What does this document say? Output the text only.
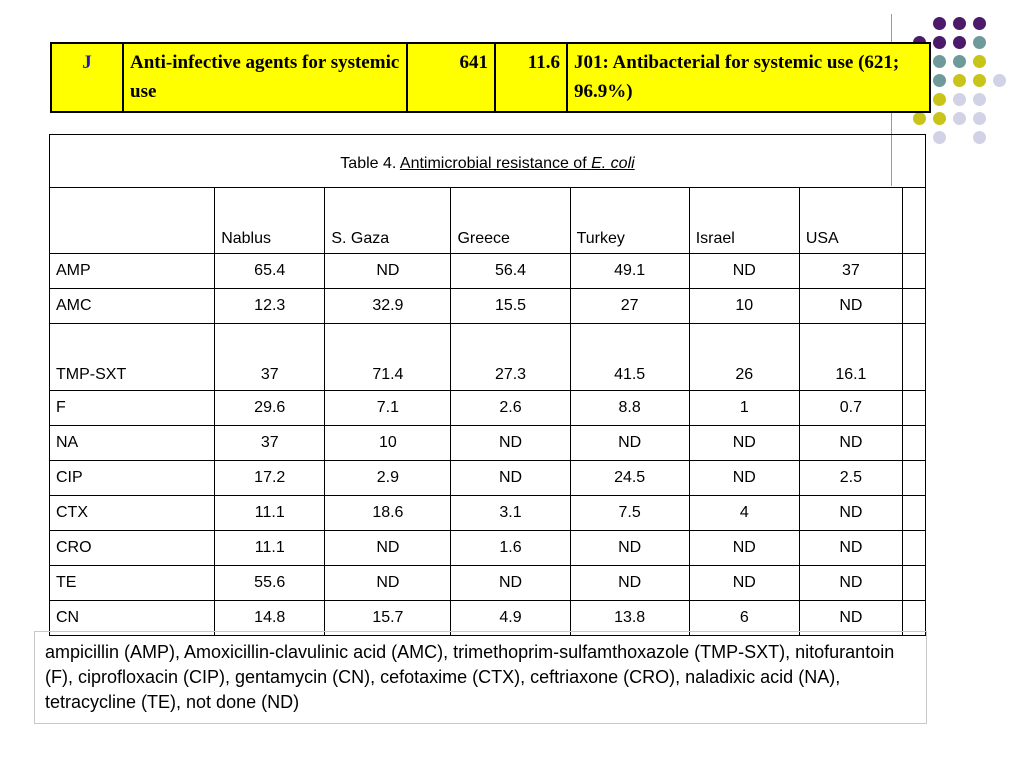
J	Anti-infective agents for systemic use	641	11.6	J01: Antibacterial for systemic use (621; 96.9%)
Table 4. Antimicrobial resistance of E. coli							
	Nablus	S. Gaza	Greece	Turkey	Israel	USA	
AMP	65.4	ND	56.4	49.1	ND	37	
AMC	12.3	32.9	15.5	27	10	ND	
TMP-SXT	37	71.4	27.3	41.5	26	16.1	
F	29.6	7.1	2.6	8.8	1	0.7	
NA	37	10	ND	ND	ND	ND	
CIP	17.2	2.9	ND	24.5	ND	2.5	
CTX	11.1	18.6	3.1	7.5	4	ND	
CRO	11.1	ND	1.6	ND	ND	ND	
TE	55.6	ND	ND	ND	ND	ND	
CN	14.8	15.7	4.9	13.8	6	ND	
ampicillin (AMP), Amoxicillin-clavulinic acid (AMC), trimethoprim-sulfamthoxazole (TMP-SXT), nitofurantoin (F), ciprofloxacin (CIP), gentamycin (CN), cefotaxime (CTX), ceftriaxone (CRO), naladixic acid (NA), tetracycline (TE), not done (ND)
